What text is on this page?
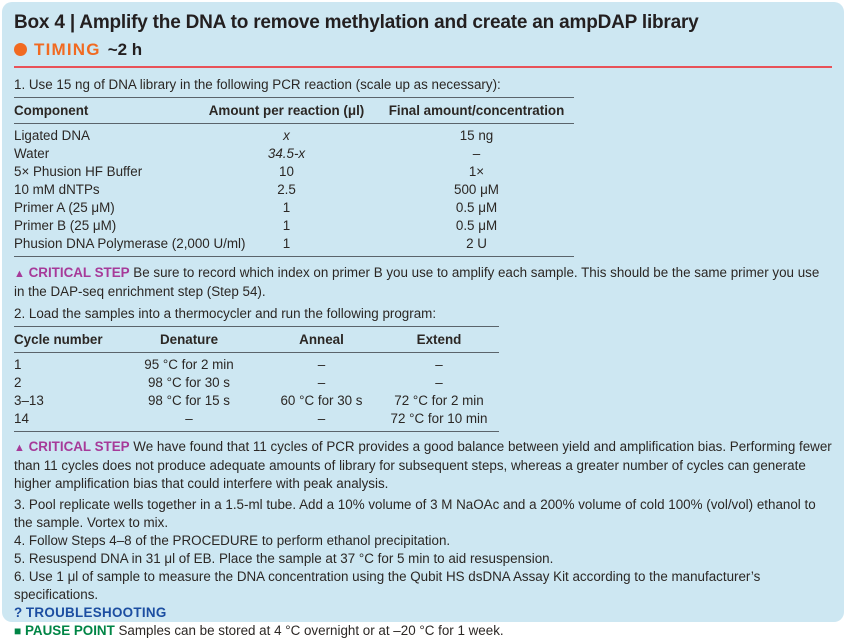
Box 4 | Amplify the DNA to remove methylation and create an ampDAP library
TIMING ~2 h

1. Use 15 ng of DNA library in the following PCR reaction (scale up as necessary):

Component	Amount per reaction (μl)	Final amount/concentration
Ligated DNA	x	15 ng
Water	34.5-x	–
5× Phusion HF Buffer	10	1×
10 mM dNTPs	2.5	500 μM
Primer A (25 μM)	1	0.5 μM
Primer B (25 μM)	1	0.5 μM
Phusion DNA Polymerase (2,000 U/ml)	1	2 U

▲ CRITICAL STEP Be sure to record which index on primer B you use to amplify each sample. This should be the same primer you use in the DAP-seq enrichment step (Step 54).

2. Load the samples into a thermocycler and run the following program:

Cycle number	Denature	Anneal	Extend
1	95 °C for 2 min	–	–
2	98 °C for 30 s	–	–
3–13	98 °C for 15 s	60 °C for 30 s	72 °C for 2 min
14	–	–	72 °C for 10 min

▲ CRITICAL STEP We have found that 11 cycles of PCR provides a good balance between yield and amplification bias. Performing fewer than 11 cycles does not produce adequate amounts of library for subsequent steps, whereas a greater number of cycles can generate higher amplification bias that could interfere with peak analysis.

3. Pool replicate wells together in a 1.5-ml tube. Add a 10% volume of 3 M NaOAc and a 200% volume of cold 100% (vol/vol) ethanol to the sample. Vortex to mix.

4. Follow Steps 4–8 of the PROCEDURE to perform ethanol precipitation.

5. Resuspend DNA in 31 μl of EB. Place the sample at 37 °C for 5 min to aid resuspension.

6. Use 1 μl of sample to measure the DNA concentration using the Qubit HS dsDNA Assay Kit according to the manufacturer’s specifications.

? TROUBLESHOOTING

■ PAUSE POINT Samples can be stored at 4 °C overnight or at –20 °C for 1 week.
